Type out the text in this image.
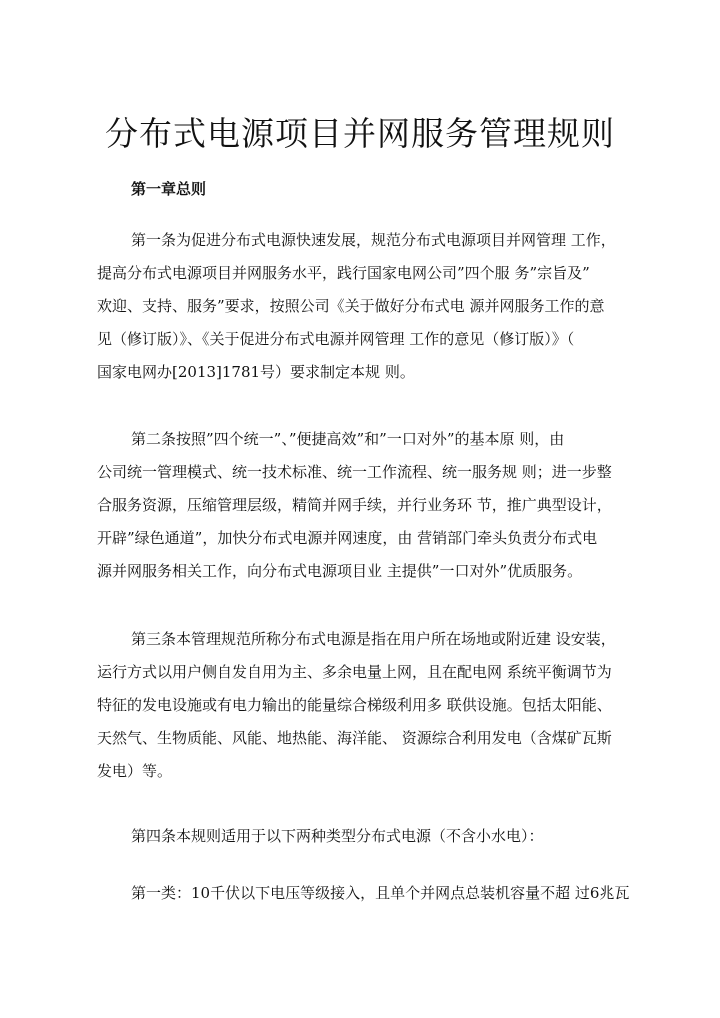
分布式电源项目并网服务管理规则
第一章总则
第一条为促进分布式电源快速发展，规范分布式电源项目并网管理 工作，
提高分布式电源项目并网服务水平，践行国家电网公司”四个服 务”宗旨及”
欢迎、支持、服务”要求，按照公司《关于做好分布式电 源并网服务工作的意
见（修订版）》、《关于促进分布式电源并网管理 工作的意见（修订版）》（
国家电网办[2013]1781号）要求制定本规 则。
第二条按照”四个统一”、”便捷高效”和”一口对外”的基本原 则，由
公司统一管理模式、统一技术标准、统一工作流程、统一服务规 则；进一步整
合服务资源，压缩管理层级，精简并网手续，并行业务环 节，推广典型设计，
开辟”绿色通道”，加快分布式电源并网速度，由 营销部门牵头负责分布式电
源并网服务相关工作，向分布式电源项目业 主提供”一口对外”优质服务。
第三条本管理规范所称分布式电源是指在用户所在场地或附近建 设安装，
运行方式以用户侧自发自用为主、多余电量上网，且在配电网 系统平衡调节为
特征的发电设施或有电力输出的能量综合梯级利用多 联供设施。包括太阳能、
天然气、生物质能、风能、地热能、海洋能、 资源综合利用发电（含煤矿瓦斯
发电）等。
第四条本规则适用于以下两种类型分布式电源（不含小水电）：
第一类：10千伏以下电压等级接入，且单个并网点总装机容量不超 过6兆瓦
